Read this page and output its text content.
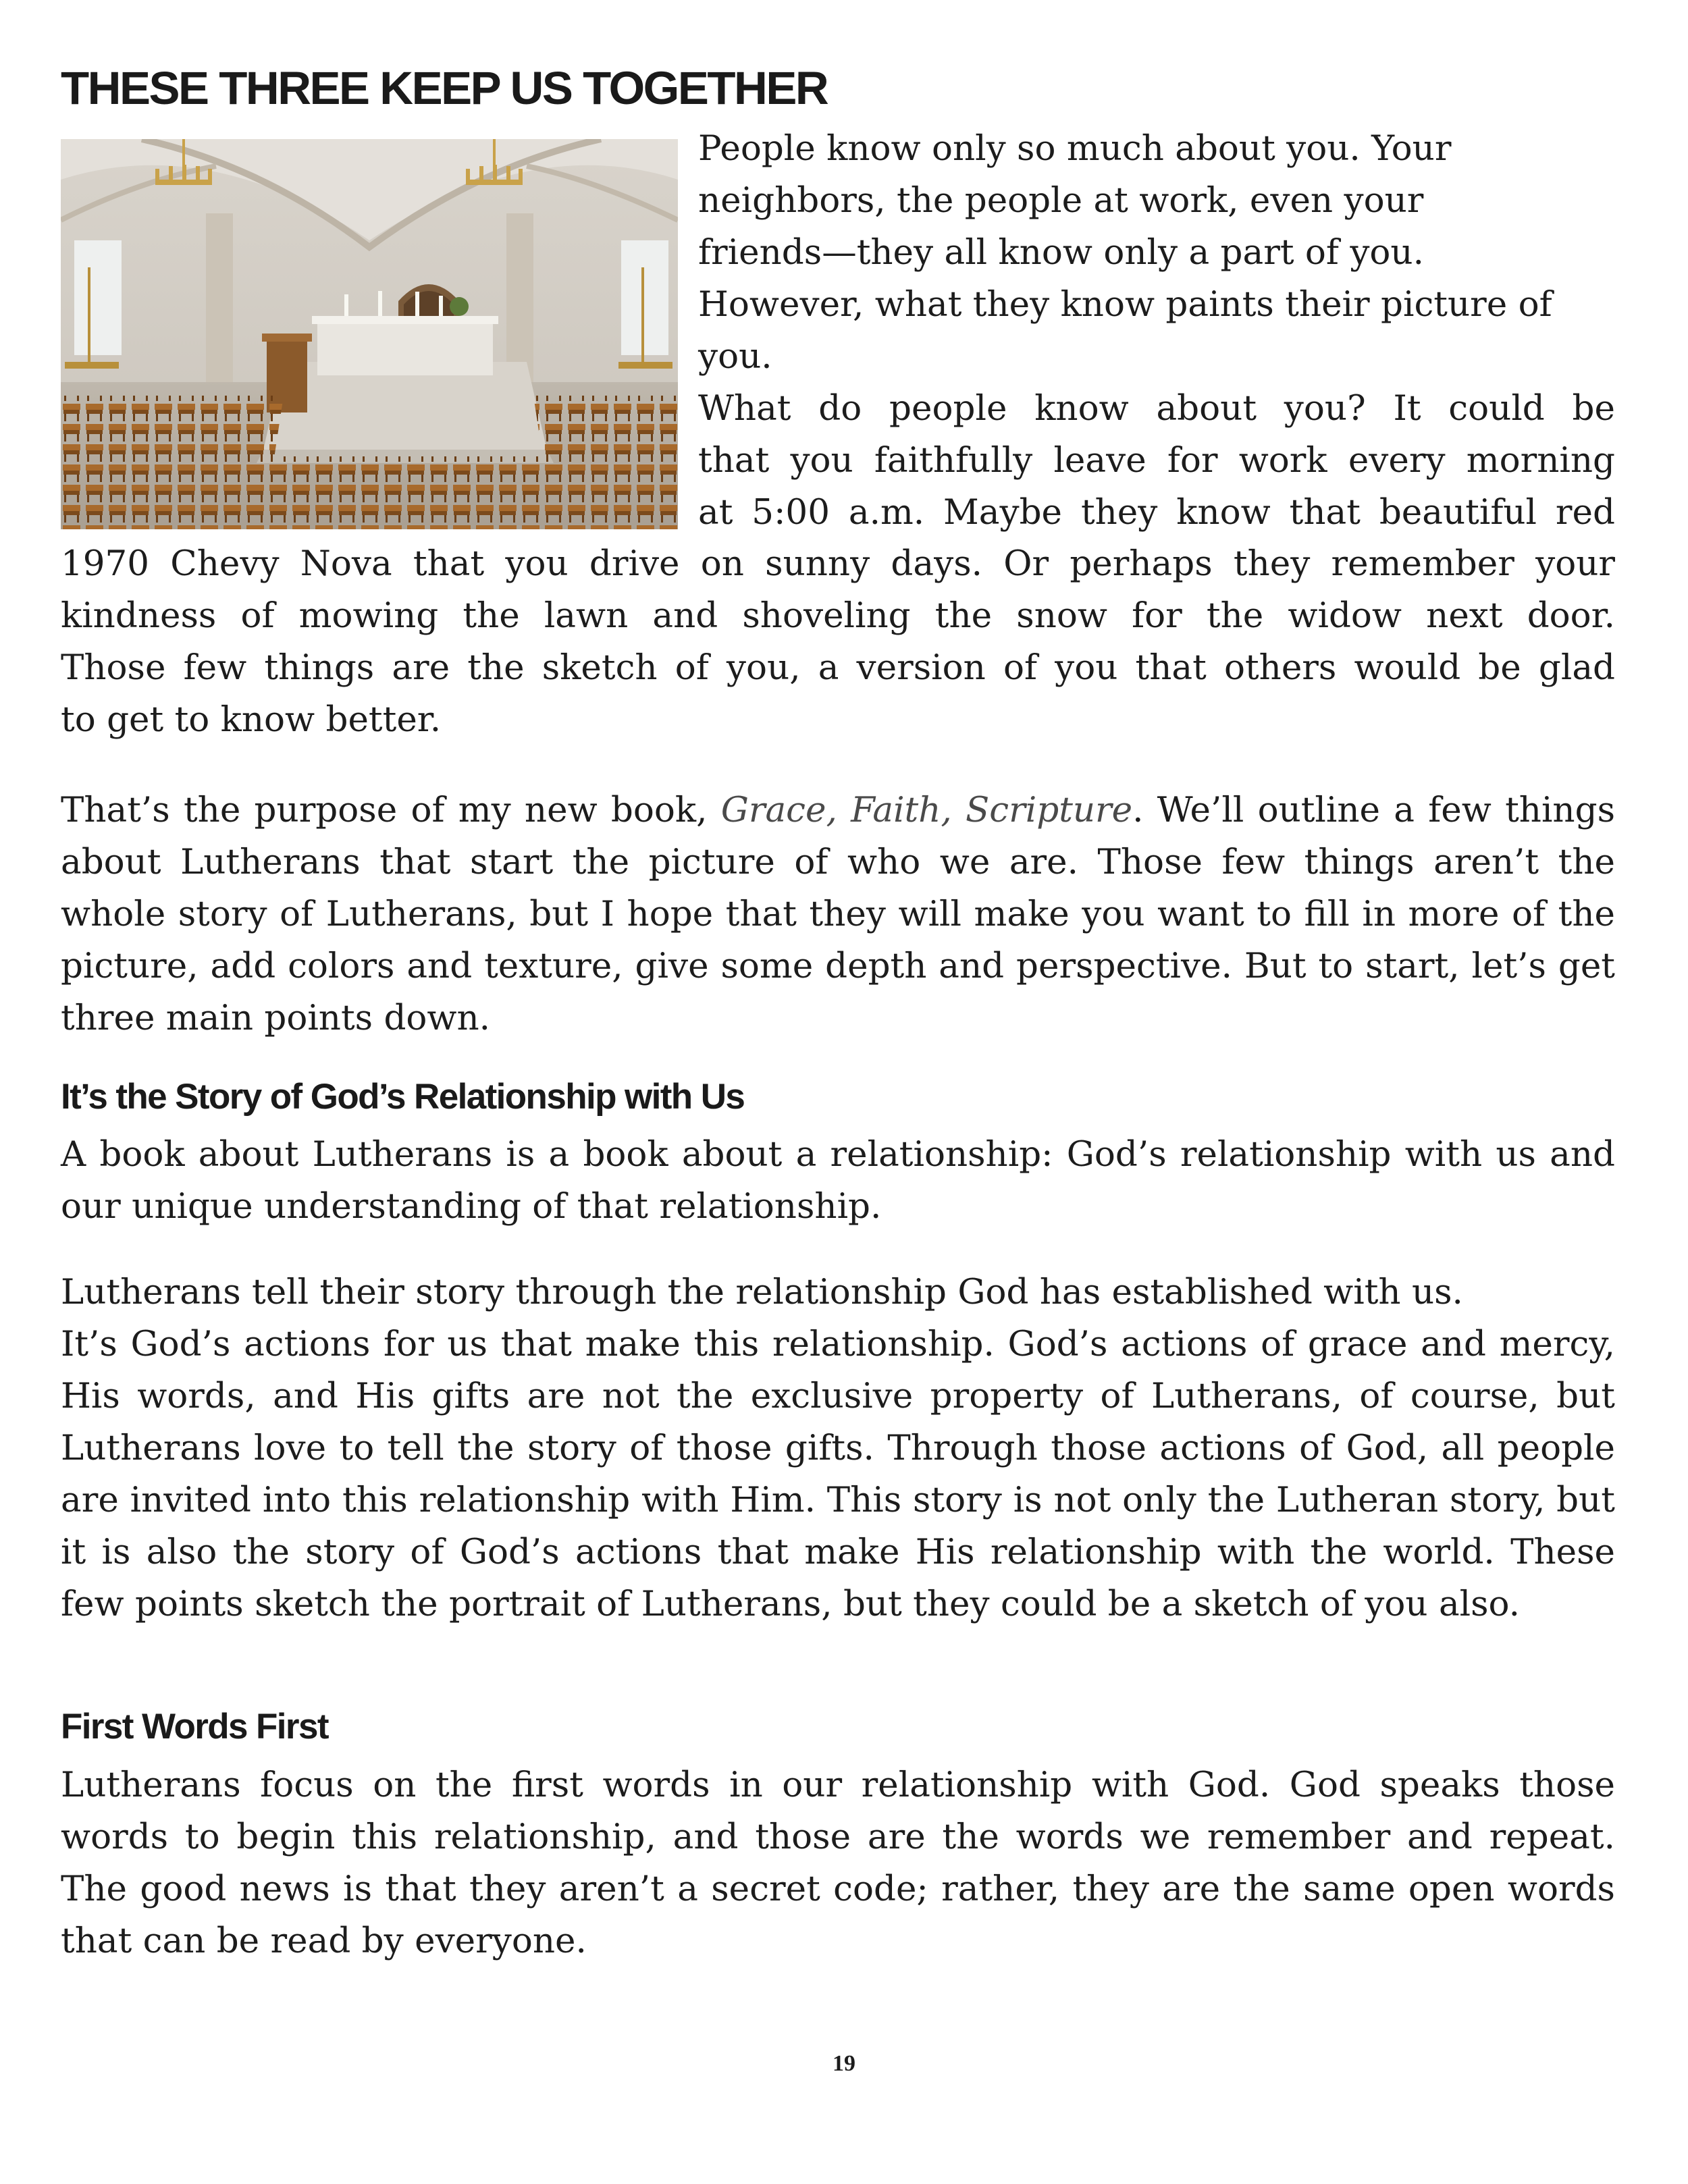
THESE THREE KEEP US TOGETHER
People know only so much about you. Your
neighbors, the people at work, even your
friends—they all know only a part of you.
However, what they know paints their picture of
you.
What do people know about you? It could be
that you faithfully leave for work every morning
at 5:00 a.m. Maybe they know that beautiful red
1970 Chevy Nova that you drive on sunny days. Or perhaps they remember your
kindness of mowing the lawn and shoveling the snow for the widow next door.
Those few things are the sketch of you, a version of you that others would be glad
to get to know better.

That’s the purpose of my new book, Grace, Faith, Scripture. We’ll outline a few things about Lutherans that start the picture of who we are. Those few things aren’t the whole story of Lutherans, but I hope that they will make you want to fill in more of the picture, add colors and texture, give some depth and perspective. But to start, let’s get three main points down.

It’s the Story of God’s Relationship with Us

A book about Lutherans is a book about a relationship: God’s relationship with us and our unique understanding of that relationship.

Lutherans tell their story through the relationship God has established with us.

It’s God’s actions for us that make this relationship. God’s actions of grace and mercy, His words, and His gifts are not the exclusive property of Lutherans, of course, but Lutherans love to tell the story of those gifts. Through those actions of God, all people are invited into this relationship with Him. This story is not only the Lutheran story, but it is also the story of God’s actions that make His relationship with the world. These few points sketch the portrait of Lutherans, but they could be a sketch of you also.

First Words First

Lutherans focus on the first words in our relationship with God. God speaks those words to begin this relationship, and those are the words we remember and repeat. The good news is that they aren’t a secret code; rather, they are the same open words that can be read by everyone.

19
